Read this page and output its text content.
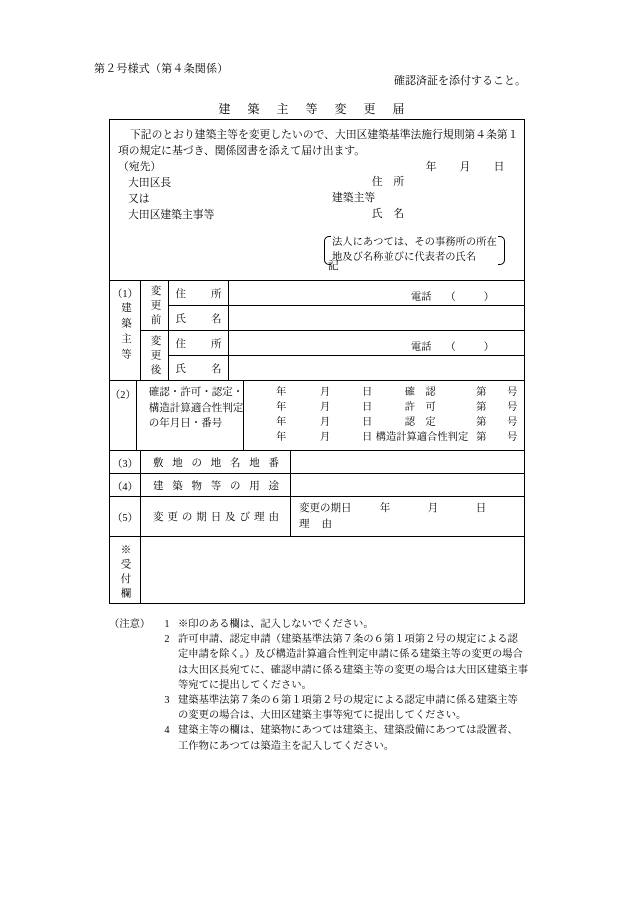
第２号様式（第４条関係）
確認済証を添付すること。
建 築 主 等 変 更 届

下記のとおり建築主等を変更したいので、大田区建築基準法施行規則第４条第１

項の規定に基づき、関係図書を添えて届け出ます。

（宛先）

大田区長

又は

大田区建築主事等

年 月 日
住　所
建築主等
氏　名
法人にあつては、その事務所の所在
地及び名称並びに代表者の氏名
記
（1）
建築主等	変更前	住所	電話 （	）
氏名
変更後	住所	電話 （	）
氏名
（2） 確認・許可・認定・
構造計算適合性判定
の年月日・番号
年	月	日	確　認	第	号
年	月	日	許　可	第	号
年	月	日	認　定	第	号
年	月	日 構造計算適合性判定 第	号
（3） 敷地の地名地番
（4） 建築物等の用途
（5） 変更の期日及び理由
変更の期日	年	月	日
理由
※受付欄
（注意）	1 ※印のある欄は、記入しないでください。
2 許可申請、認定申請（建築基準法第７条の６第１項第２号の規定による認
定申請を除く。）及び構造計算適合性判定申請に係る建築主等の変更の場合
は大田区長宛てに、確認申請に係る建築主等の変更の場合は大田区建築主事
等宛てに提出してください。
3 建築基準法第７条の６第１項第２号の規定による認定申請に係る建築主等
の変更の場合は、大田区建築主事等宛てに提出してください。
4 建築主等の欄は、建築物にあつては建築主、建築設備にあつては設置者、
工作物にあつては築造主を記入してください。
